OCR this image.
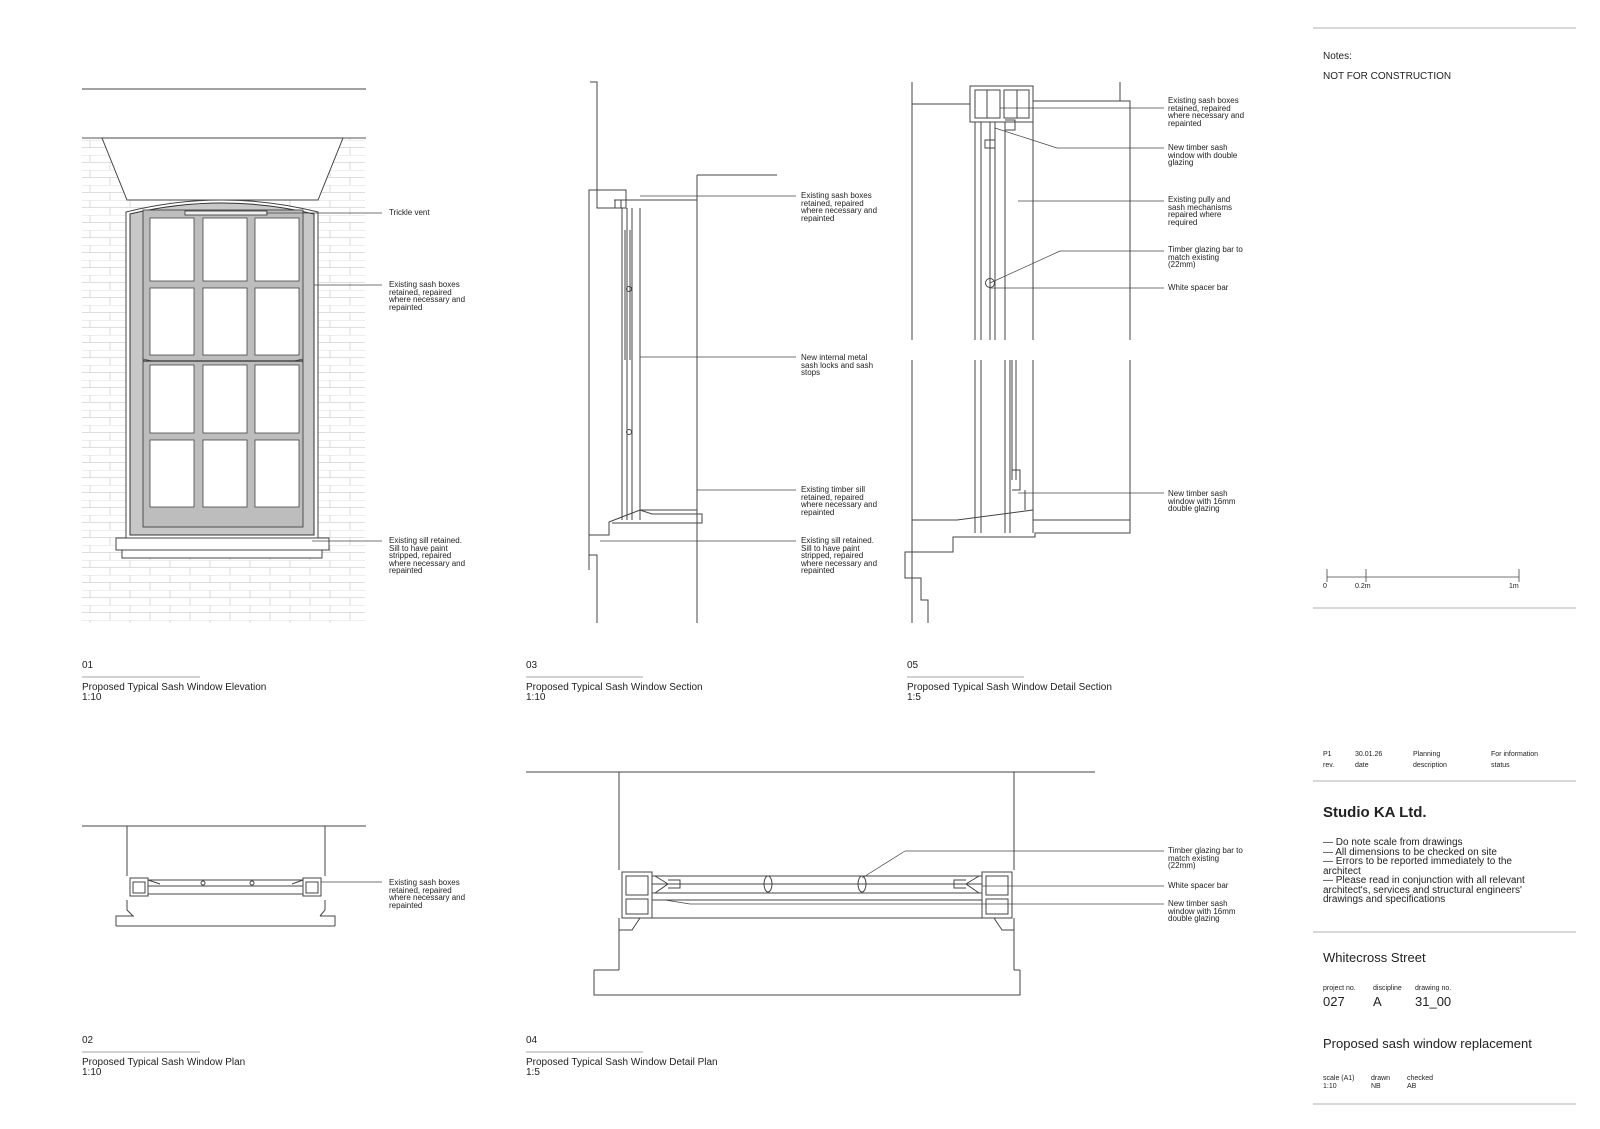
Trickle vent
Existing sash boxes retained, repaired where necessary and repainted
Existing sill retained. Sill to have paint stripped, repaired where necessary and repainted
Existing sash boxes retained, repaired where necessary and repainted
New internal metal sash locks and sash stops
Existing timber sill retained, repaired where necessary and repainted
Existing sill retained. Sill to have paint stripped, repaired where necessary and repainted
Existing sash boxes retained, repaired where necessary and repainted
New timber sash window with double glazing
Existing pully and sash mechanisms repaired where required
Timber glazing bar to match existing (22mm)
White spacer bar
New timber sash window with 16mm double glazing
Existing sash boxes retained, repaired where necessary and repainted
Timber glazing bar to match existing (22mm)
White spacer bar
New timber sash window with 16mm double glazing
01
Proposed Typical Sash Window Elevation
1:10
03
Proposed Typical Sash Window Section
1:10
05
Proposed Typical Sash Window Detail Section
1:5
02
Proposed Typical Sash Window Plan
1:10
04
Proposed Typical Sash Window Detail Plan
1:5
Notes:
NOT FOR CONSTRUCTION
0	0.2m	1m
P1
rev.
30.01.26
date
Planning
description
For information
status
Studio KA Ltd.
— Do note scale from drawings
— All dimensions to be checked on site
— Errors to be reported immediately to the
architect
— Please read in conjunction with all relevant
architect's, services and structural engineers'
drawings and specifications
Whitecross Street
project no.
027
discipline
A
drawing no.
31_00
Proposed sash window replacement
scale (A1)
1:10
drawn
NB
checked
AB
